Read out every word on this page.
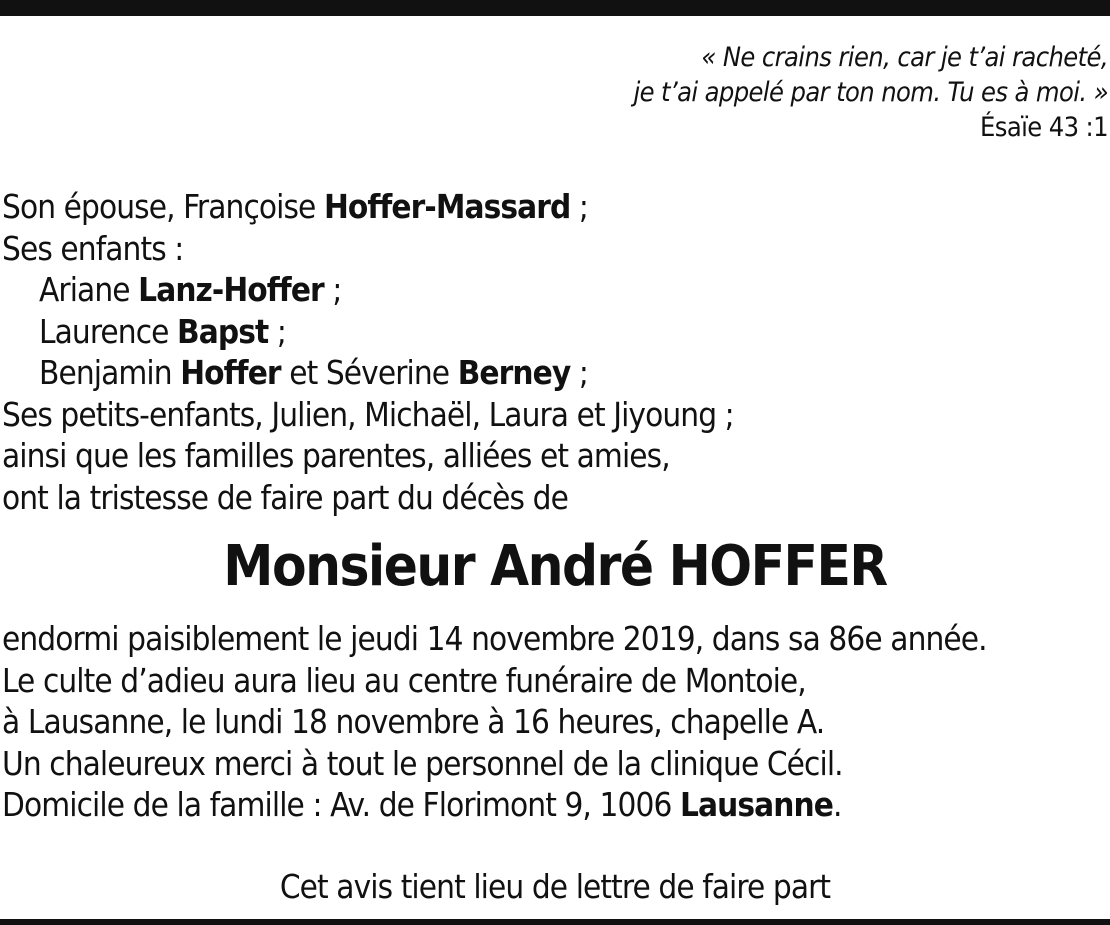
« Ne crains rien, car je t’ai racheté,
je t’ai appelé par ton nom. Tu es à moi. »
Ésaïe 43 :1
Son épouse, Françoise Hoffer-Massard ;
Ses enfants :
Ariane Lanz-Hoffer ;
Laurence Bapst ;
Benjamin Hoffer et Séverine Berney ;
Ses petits-enfants, Julien, Michaël, Laura et Jiyoung ;
ainsi que les familles parentes, alliées et amies,
ont la tristesse de faire part du décès de
Monsieur André HOFFER
endormi paisiblement le jeudi 14 novembre 2019, dans sa 86e année.
Le culte d’adieu aura lieu au centre funéraire de Montoie,
à Lausanne, le lundi 18 novembre à 16 heures, chapelle A.
Un chaleureux merci à tout le personnel de la clinique Cécil.
Domicile de la famille : Av. de Florimont 9, 1006 Lausanne.
Cet avis tient lieu de lettre de faire part
